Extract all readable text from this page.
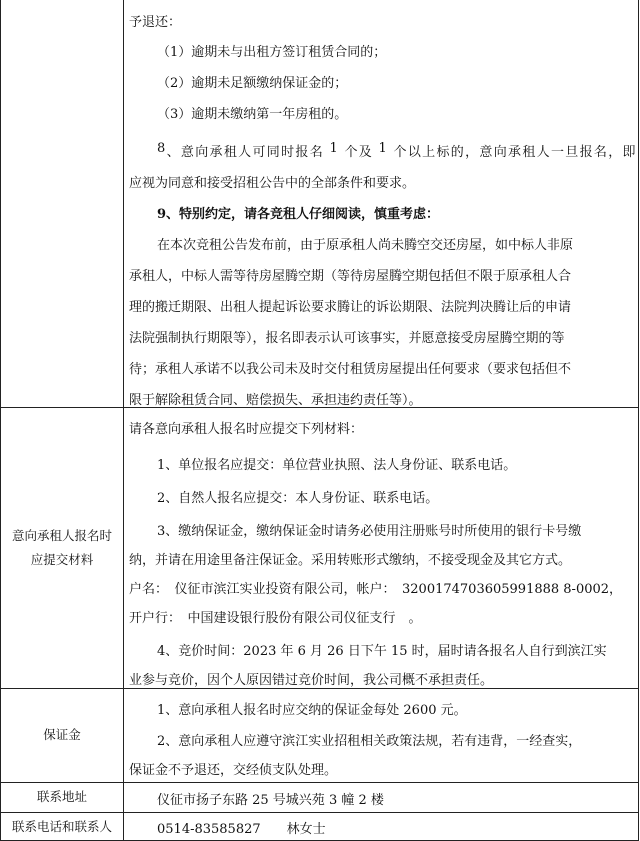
予退还：
（1）逾期未与出租方签订租赁合同的；
（2）逾期未足额缴纳保证金的；
（3）逾期未缴纳第一年房租的。
8 、 意 向 承 租 人 可 同 时 报 名
1
个 及
1
个 以 上 标 的 ， 意 向 承 租 人 一 旦 报 名 ， 即
应视为同意和接受招租公告中的全部条件和要求。
9、特别约定，请各竞租人仔细阅读，慎重考虑：
在本次竞租公告发布前，由于原承租人尚未腾空交还房屋，如中标人非原
承租人，中标人需等待房屋腾空期（等待房屋腾空期包括但不限于原承租人合
理的搬迁期限、出租人提起诉讼要求腾让的诉讼期限、法院判决腾让后的申请
法院强制执行期限等），报名即表示认可该事实，并愿意接受房屋腾空期的等
待；承租人承诺不以我公司未及时交付租赁房屋提出任何要求（要求包括但不
限于解除租赁合同、赔偿损失、承担违约责任等）。
意向承租人报名时
应提交材料
请各意向承租人报名时应提交下列材料：
1、单位报名应提交：单位营业执照、法人身份证、联系电话。
2、自然人报名应提交：本人身份证、联系电话。
3、缴纳保证金，缴纳保证金时请务必使用注册账号时所使用的银行卡号缴
纳，并请在用途里备注保证金。采用转账形式缴纳，不接受现金及其它方式。
户名：　仪征市滨江实业投资有限公司，帐户：　3200174703605991888 8-0002，
开户行：　中国建设银行股份有限公司仪征支行　。
4、竞价时间：2023 年 6 月 26 日下午 15 时，届时请各报名人自行到滨江实
业参与竞价，因个人原因错过竞价时间，我公司概不承担责任。
保证金
1、意向承租人报名时应交纳的保证金每处 2600 元。
2、意向承租人应遵守滨江实业招租相关政策法规，若有违背，一经查实，
保证金不予退还，交经侦支队处理。
联系地址	仪征市扬子东路 25 号城兴苑 3 幢 2 楼
联系电话和联系人	0514-83585827　　林女士
